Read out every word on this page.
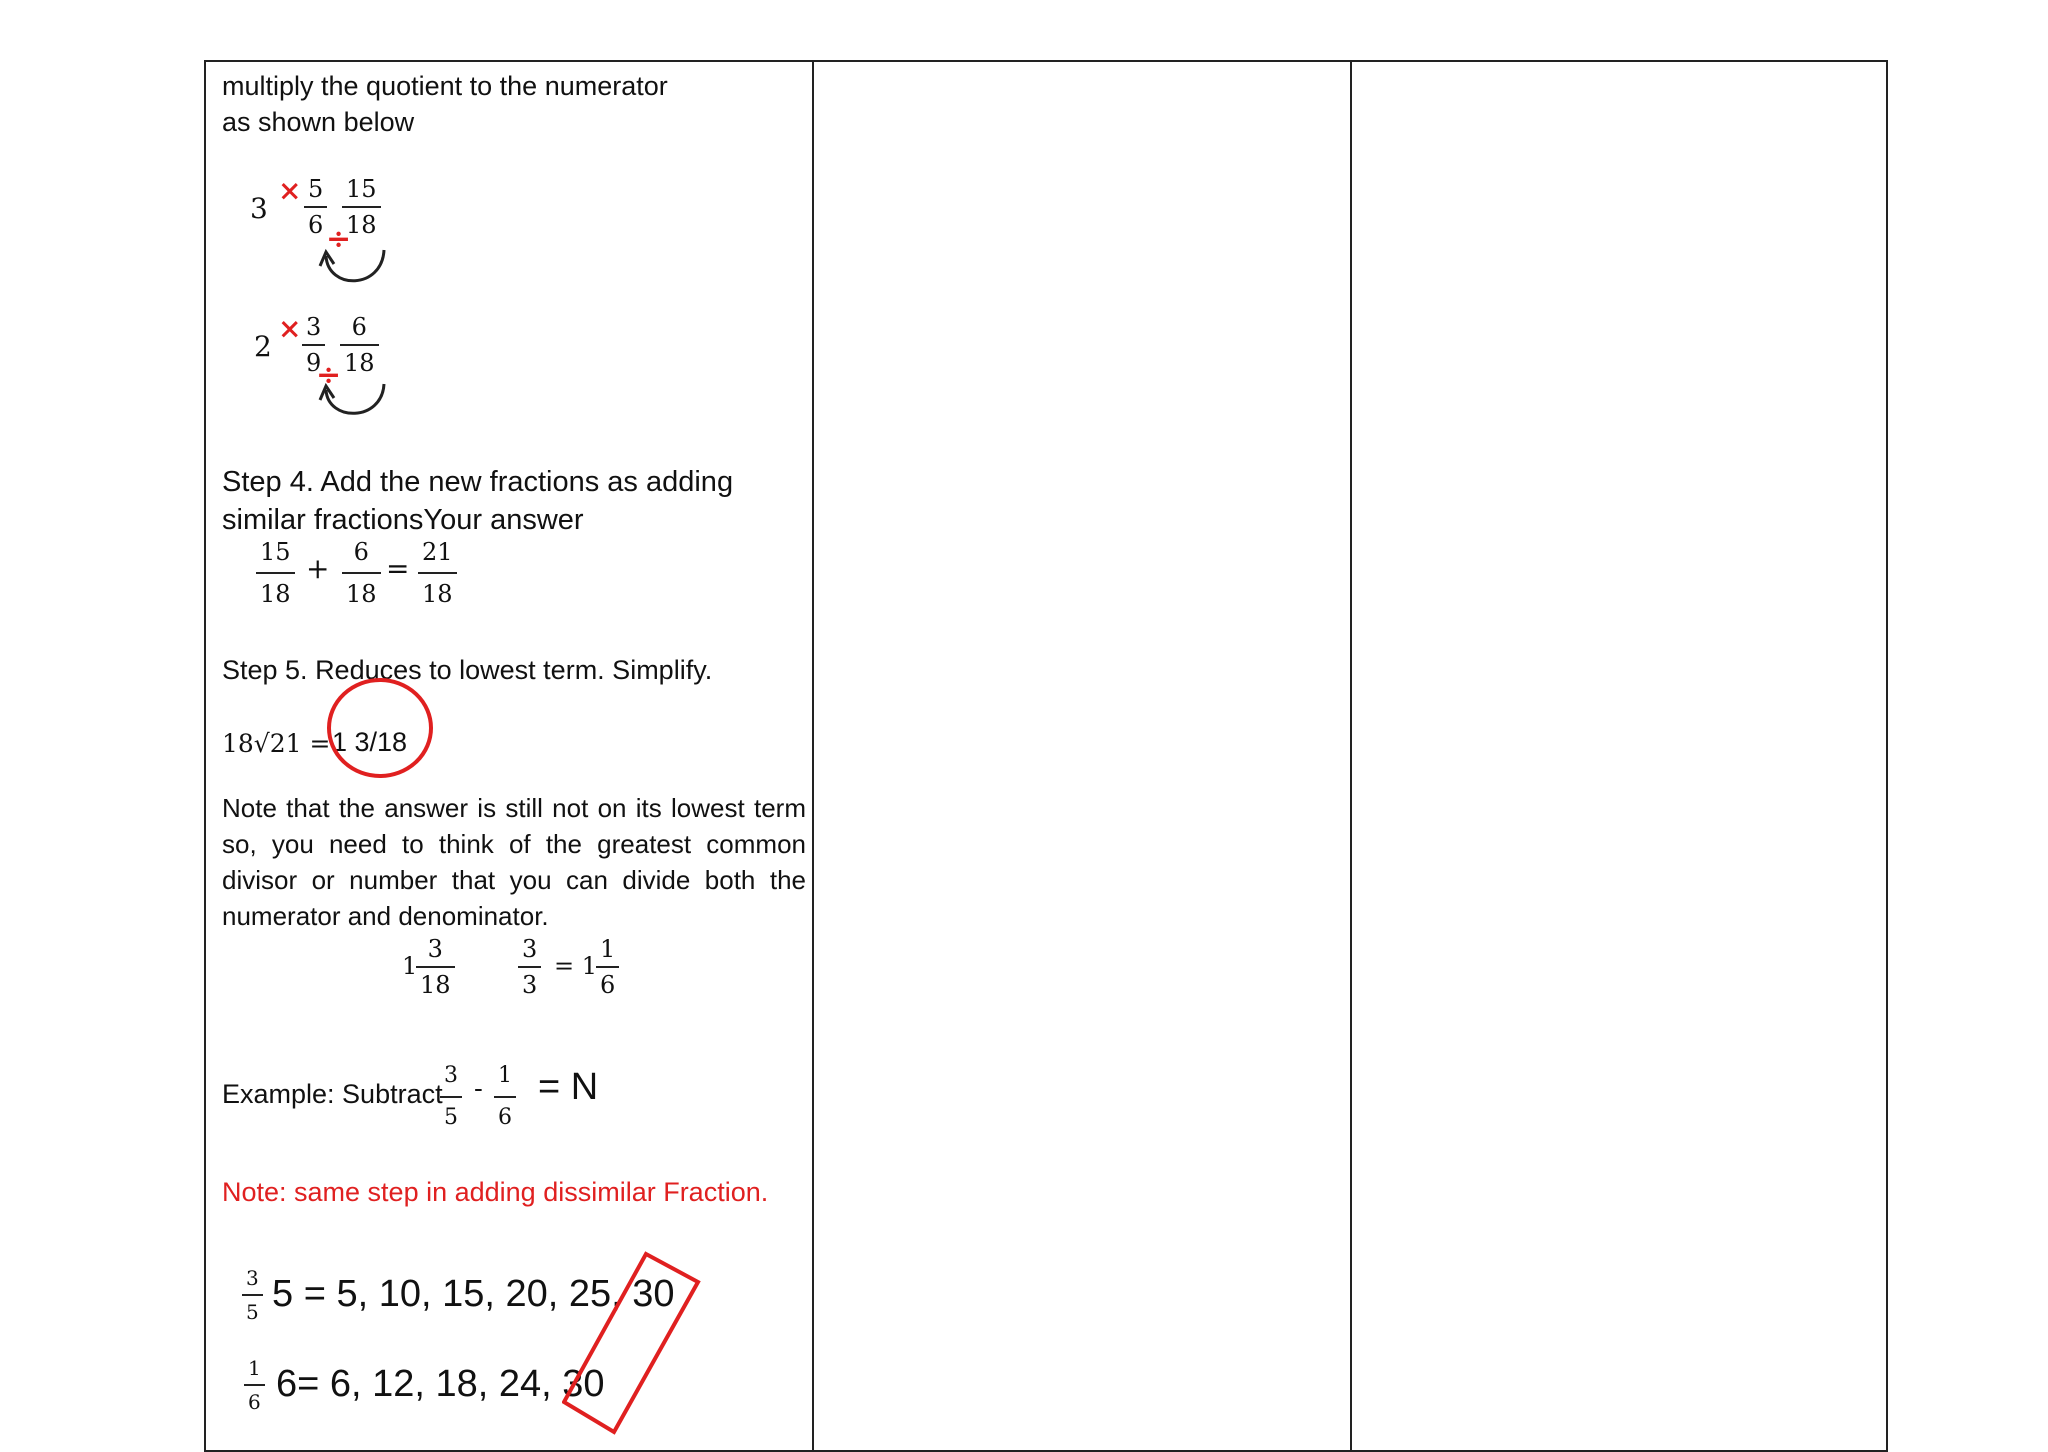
multiply the quotient to the numerator
as shown below
3
× 5
6
15
18
÷
2
× 3
9
6
18
÷
Step 4. Add the new fractions as adding
similar fractionsYour answer
15
18
+ 6
18
= 21
18
Step 5. Reduces to lowest term. Simplify.
18√21 = 1 3/18
Note that the answer is still not on its lowest term so, you need to think of the greatest common divisor or number that you can divide both the numerator and denominator.
1
3
18
3
3
= 1
1
6
Example: Subtract
3
5
- 1
6
= N
Note: same step in adding dissimilar Fraction.
3
5 5 = 5, 10, 15, 20, 25, 30
1
6 6= 6, 12, 18, 24, 30
